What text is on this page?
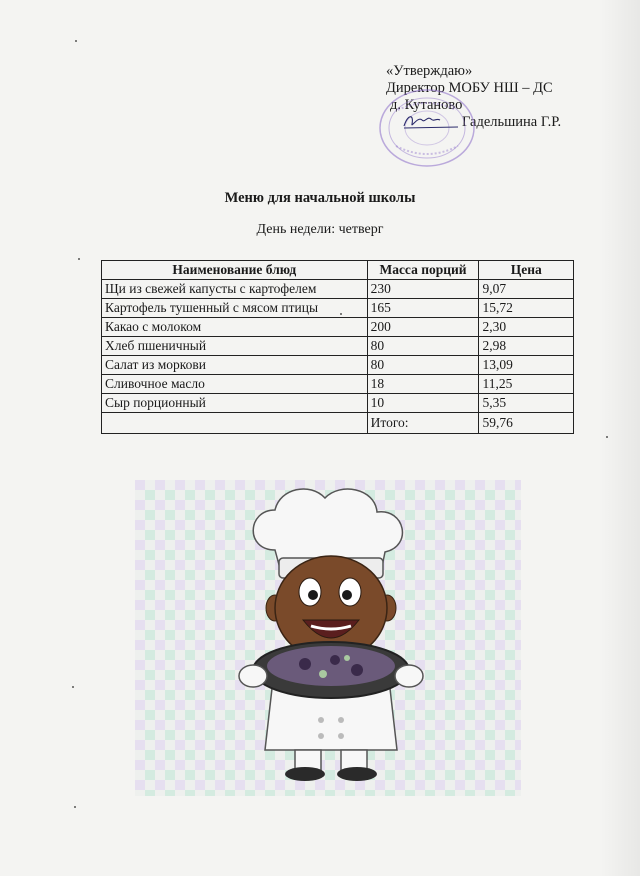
«Утверждаю»
Директор МОБУ НШ – ДС
д. Кутаново
Гадельшина Г.Р.
Меню для начальной школы
День недели: четверг
Наименование блюд	Масса порций	Цена
Щи из свежей капусты с картофелем	230	9,07
Картофель тушенный с мясом птицы	165	15,72
Какао с молоком	200	2,30
Хлеб пшеничный	80	2,98
Салат из моркови	80	13,09
Сливочное масло	18	11,25
Сыр порционный	10	5,35
	Итого:	59,76
